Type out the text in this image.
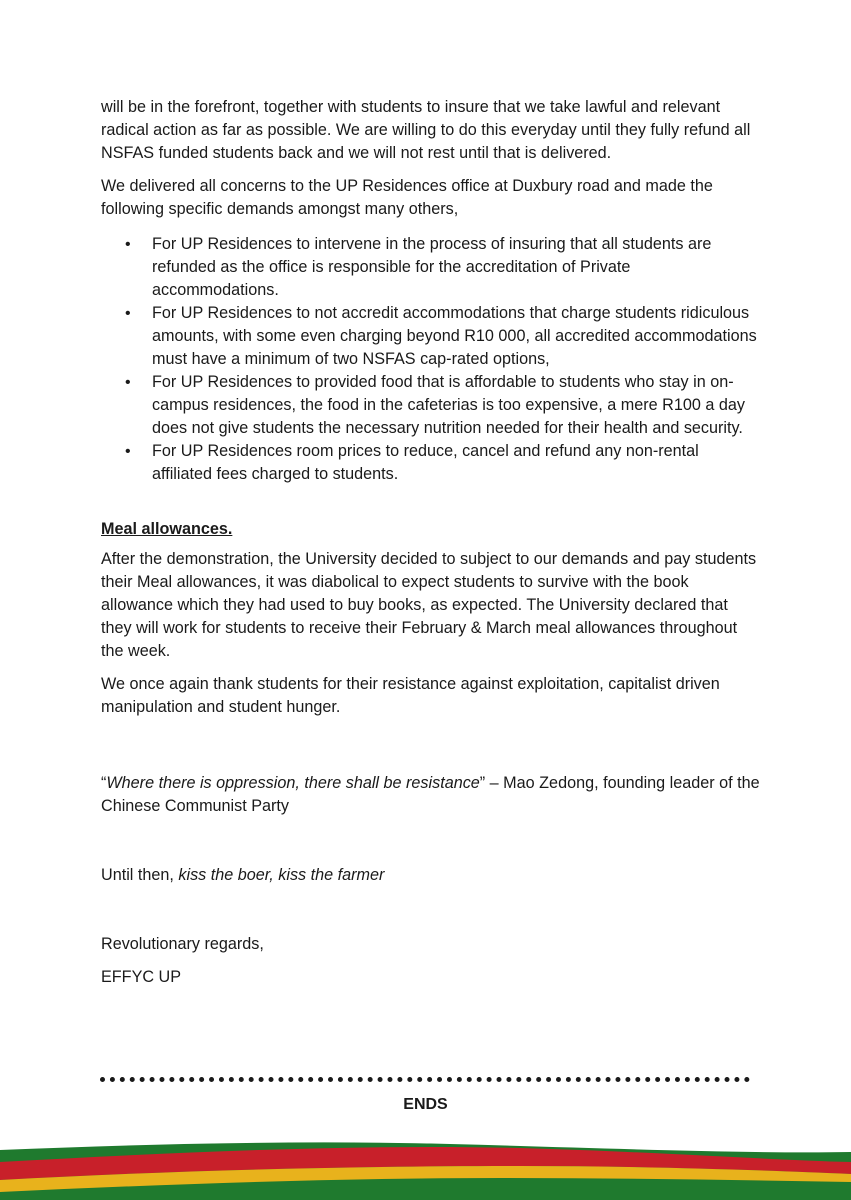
will be in the forefront, together with students to insure that we take lawful and relevant radical action as far as possible. We are willing to do this everyday until they fully refund all NSFAS funded students back and we will not rest until that is delivered.

We delivered all concerns to the UP Residences office at Duxbury road and made the following specific demands amongst many others,

• For UP Residences to intervene in the process of insuring that all students are refunded as the office is responsible for the accreditation of Private accommodations.
• For UP Residences to not accredit accommodations that charge students ridiculous amounts, with some even charging beyond R10 000, all accredited accommodations must have a minimum of two NSFAS cap-rated options,
• For UP Residences to provided food that is affordable to students who stay in on-campus residences, the food in the cafeterias is too expensive, a mere R100 a day does not give students the necessary nutrition needed for their health and security.
• For UP Residences room prices to reduce, cancel and refund any non-rental affiliated fees charged to students.

Meal allowances.

After the demonstration, the University decided to subject to our demands and pay students their Meal allowances, it was diabolical to expect students to survive with the book allowance which they had used to buy books, as expected. The University declared that they will work for students to receive their February & March meal allowances throughout the week.

We once again thank students for their resistance against exploitation, capitalist driven manipulation and student hunger.

“Where there is oppression, there shall be resistance” – Mao Zedong, founding leader of the Chinese Communist Party

Until then, kiss the boer, kiss the farmer

Revolutionary regards,

EFFYC UP

ENDS
